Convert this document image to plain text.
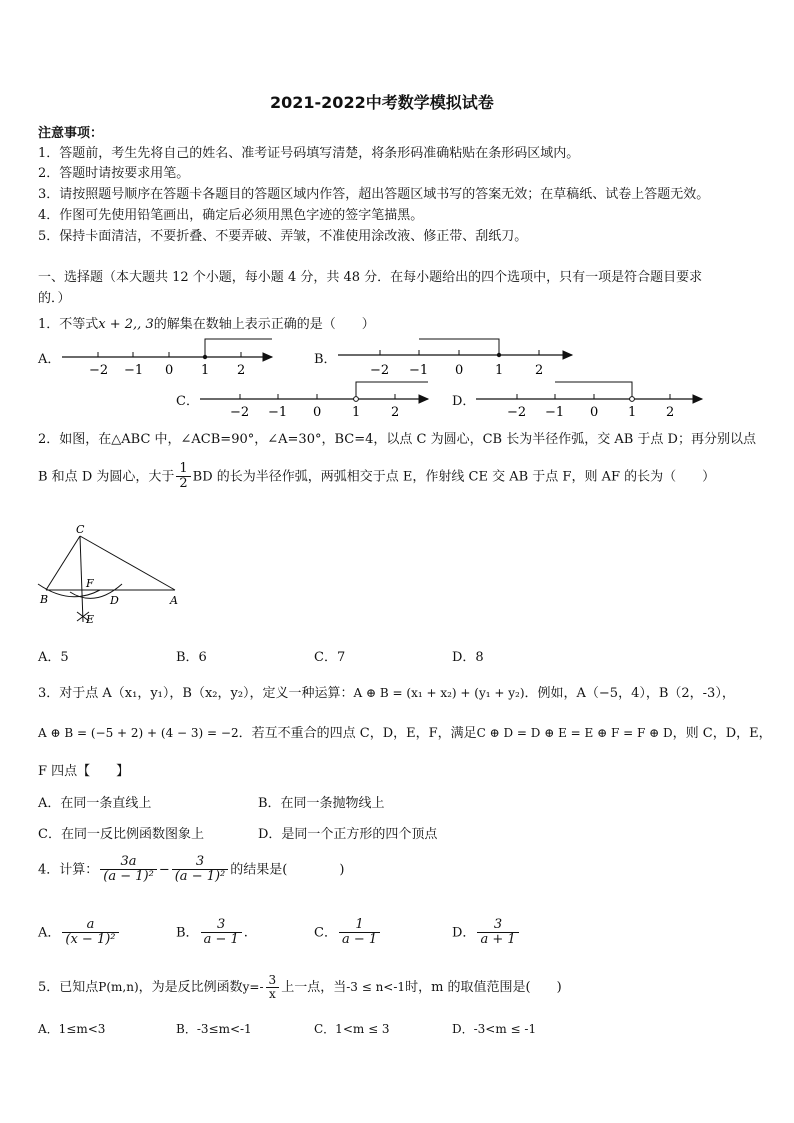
2021-2022中考数学模拟试卷
注意事项：
1．答题前，考生先将自己的姓名、准考证号码填写清楚，将条形码准确粘贴在条形码区域内。
2．答题时请按要求用笔。
3．请按照题号顺序在答题卡各题目的答题区域内作答，超出答题区域书写的答案无效；在草稿纸、试卷上答题无效。
4．作图可先使用铅笔画出，确定后必须用黑色字迹的签字笔描黑。
5．保持卡面清洁，不要折叠、不要弄破、弄皱，不准使用涂改液、修正带、刮纸刀。
一、选择题（本大题共 12 个小题，每小题 4 分，共 48 分．在每小题给出的四个选项中，只有一项是符合题目要求
的．）
1．不等式x + 2,, 3的解集在数轴上表示正确的是（　　）
A．	B．
C．	D．
−2 −1 0 1 2	−2 −1 0 1 2
−2 −1 0 1 2	−2 −1 0 1 2
2．如图，在△ABC 中，∠ACB=90°，∠A=30°，BC=4，以点 C 为圆心，CB 长为半径作弧，交 AB 于点 D；再分别以点
B 和点 D 为圆心，大于 $\frac{1}{2}$ BD 的长为半径作弧，两弧相交于点 E，作射线 CE 交 AB 于点 F，则 AF 的长为（　　）
C
F
B	D	A
E
A．5	B．6	C．7	D．8
3．对于点 A（x₁，y₁），B（x₂，y₂），定义一种运算：A ⊕ B = (x₁ + x₂) + (y₁ + y₂)．例如，A（−5，4），B（2，-3），
A ⊕ B = (−5 + 2) + (4 − 3) = −2．若互不重合的四点 C，D，E，F，满足C ⊕ D = D ⊕ E = E ⊕ F = F ⊕ D，则 C，D，E，
F 四点【　　】
A．在同一条直线上	B．在同一条抛物线上
C．在同一反比例函数图象上	D．是同一个正方形的四个顶点
4．计算： $\frac{3a}{\text{(a − 1)²}} - \frac{3}{\text{(a − 1)²}}$ 的结果是(　　　　)
A． $\frac{a}{\text{(x − 1)²}}$	B． $\frac{3}{a - 1}$ .	C． $\frac{1}{a - 1}$	D． $\frac{3}{a + 1}$
5．已知点P(m,n)，为是反比例函数$y=- \frac{3}{x}$ 上一点，当-3 ≤ n<-1时，m 的取值范围是(　　)
A．1≤m<3	B．-3≤m<-1	C．1<m ≤ 3	D．-3<m ≤ -1
